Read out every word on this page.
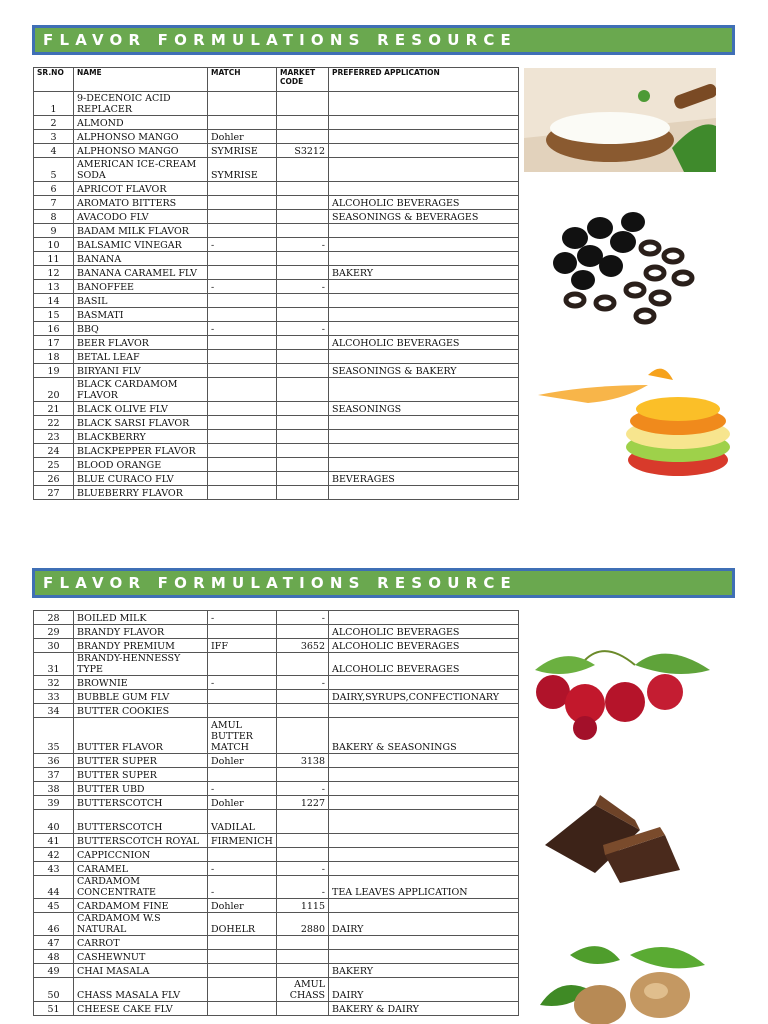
FLAVOR FORMULATIONS RESOURCE
SR.NO	NAME	MATCH	MARKET CODE	PREFERRED APPLICATION
1	9-DECENOIC ACID REPLACER			
2	ALMOND			
3	ALPHONSO MANGO	Dohler		
4	ALPHONSO MANGO	SYMRISE	S3212	
5	AMERICAN ICE-CREAM SODA	SYMRISE		
6	APRICOT FLAVOR			
7	AROMATO BITTERS			ALCOHOLIC BEVERAGES
8	AVACODO FLV			SEASONINGS & BEVERAGES
9	BADAM MILK FLAVOR			
10	BALSAMIC VINEGAR	-	-	
11	BANANA			
12	BANANA CARAMEL FLV			BAKERY
13	BANOFFEE	-	-	
14	BASIL			
15	BASMATI			
16	BBQ	-	-	
17	BEER FLAVOR			ALCOHOLIC BEVERAGES
18	BETAL LEAF			
19	BIRYANI FLV			SEASONINGS & BAKERY
20	BLACK CARDAMOM FLAVOR			
21	BLACK OLIVE FLV			SEASONINGS
22	BLACK SARSI FLAVOR			
23	BLACKBERRY			
24	BLACKPEPPER FLAVOR			
25	BLOOD ORANGE			
26	BLUE CURACO FLV			BEVERAGES
27	BLUEBERRY FLAVOR			
FLAVOR FORMULATIONS RESOURCE
28	BOILED MILK	-	-	
29	BRANDY FLAVOR			ALCOHOLIC BEVERAGES
30	BRANDY PREMIUM	IFF	3652	ALCOHOLIC BEVERAGES
31	BRANDY-HENNESSY TYPE			ALCOHOLIC BEVERAGES
32	BROWNIE	-	-	
33	BUBBLE GUM FLV			DAIRY,SYRUPS,CONFECTIONARY
34	BUTTER COOKIES			
35	BUTTER FLAVOR	AMUL BUTTER MATCH		BAKERY & SEASONINGS
36	BUTTER SUPER	Dohler	3138	
37	BUTTER SUPER			
38	BUTTER UBD	-	-	
39	BUTTERSCOTCH	Dohler	1227	
40	BUTTERSCOTCH	VADILAL		
41	BUTTERSCOTCH ROYAL	FIRMENICH		
42	CAPPICCNION			
43	CARAMEL	-	-	
44	CARDAMOM CONCENTRATE	-	-	TEA LEAVES APPLICATION
45	CARDAMOM FINE	Dohler	1115	
46	CARDAMOM W.S NATURAL	DOHELR	2880	DAIRY
47	CARROT			
48	CASHEWNUT			
49	CHAI MASALA			BAKERY
50	CHASS MASALA FLV		AMUL CHASS	DAIRY
51	CHEESE CAKE FLV			BAKERY & DAIRY
